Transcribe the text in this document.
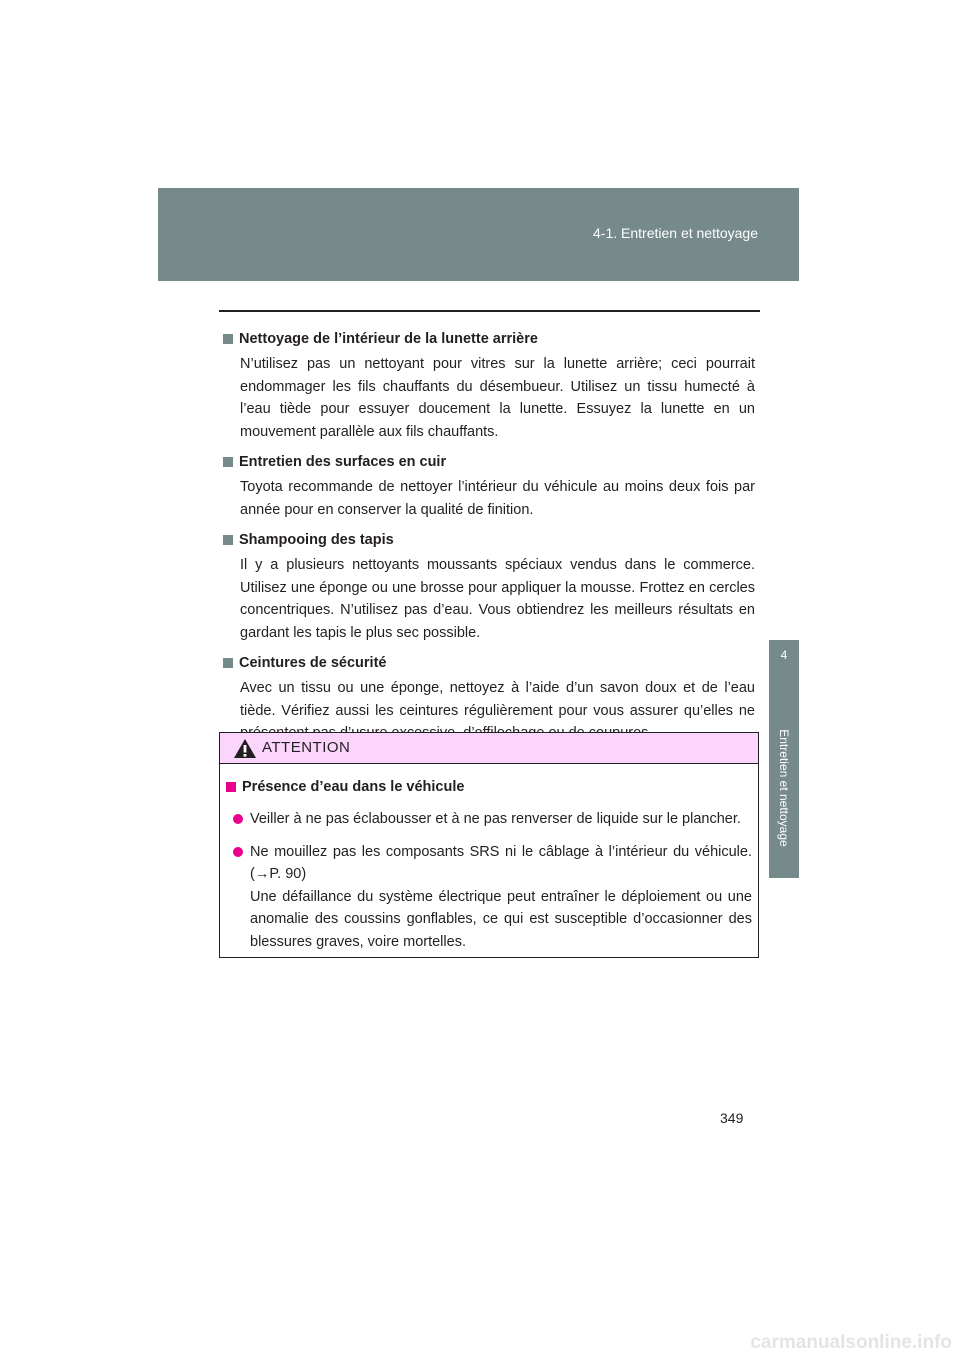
4-1. Entretien et nettoyage
4
Entretien et nettoyage
Nettoyage de l’intérieur de la lunette arrière
N’utilisez pas un nettoyant pour vitres sur la lunette arrière; ceci pourrait endommager les fils chauffants du désembueur. Utilisez un tissu humecté à l’eau tiède pour essuyer doucement la lunette. Essuyez la lunette en un mouvement parallèle aux fils chauffants.
Entretien des surfaces en cuir
Toyota recommande de nettoyer l’intérieur du véhicule au moins deux fois par année pour en conserver la qualité de finition.
Shampooing des tapis
Il y a plusieurs nettoyants moussants spéciaux vendus dans le commerce. Utilisez une éponge ou une brosse pour appliquer la mousse. Frottez en cercles concentriques. N’utilisez pas d’eau. Vous obtiendrez les meilleurs résultats en gardant les tapis le plus sec possible.
Ceintures de sécurité
Avec un tissu ou une éponge, nettoyez à l’aide d’un savon doux et de l’eau tiède. Vérifiez aussi les ceintures régulièrement pour vous assurer qu’elles ne
ATTENTION
Présence d’eau dans le véhicule
Veiller à ne pas éclabousser et à ne pas renverser de liquide sur le plancher.
Ne mouillez pas les composants SRS ni le câblage à l’intérieur du véhicule. (→P. 90)
Une défaillance du système électrique peut entraîner le déploiement ou une anomalie des coussins gonflables, ce qui est susceptible d’occasionner des blessures graves, voire mortelles.
349
carmanualsonline.info
